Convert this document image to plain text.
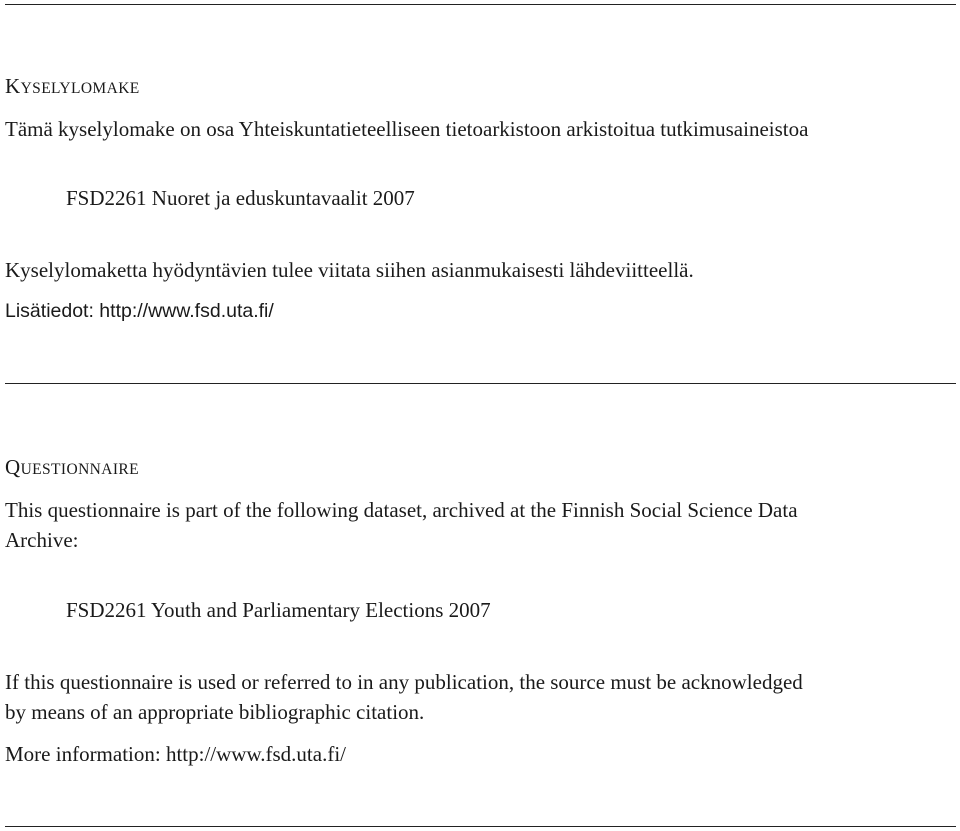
KYSELYLOMAKE
Tämä kyselylomake on osa Yhteiskuntatieteelliseen tietoarkistoon arkistoitua tutkimusaineistoa
FSD2261 Nuoret ja eduskuntavaalit 2007
Kyselylomaketta hyödyntävien tulee viitata siihen asianmukaisesti lähdeviitteellä.
Lisätiedot: http://www.fsd.uta.fi/
QUESTIONNAIRE
This questionnaire is part of the following dataset, archived at the Finnish Social Science Data
Archive:
FSD2261 Youth and Parliamentary Elections 2007
If this questionnaire is used or referred to in any publication, the source must be acknowledged
by means of an appropriate bibliographic citation.
More information: http://www.fsd.uta.fi/
